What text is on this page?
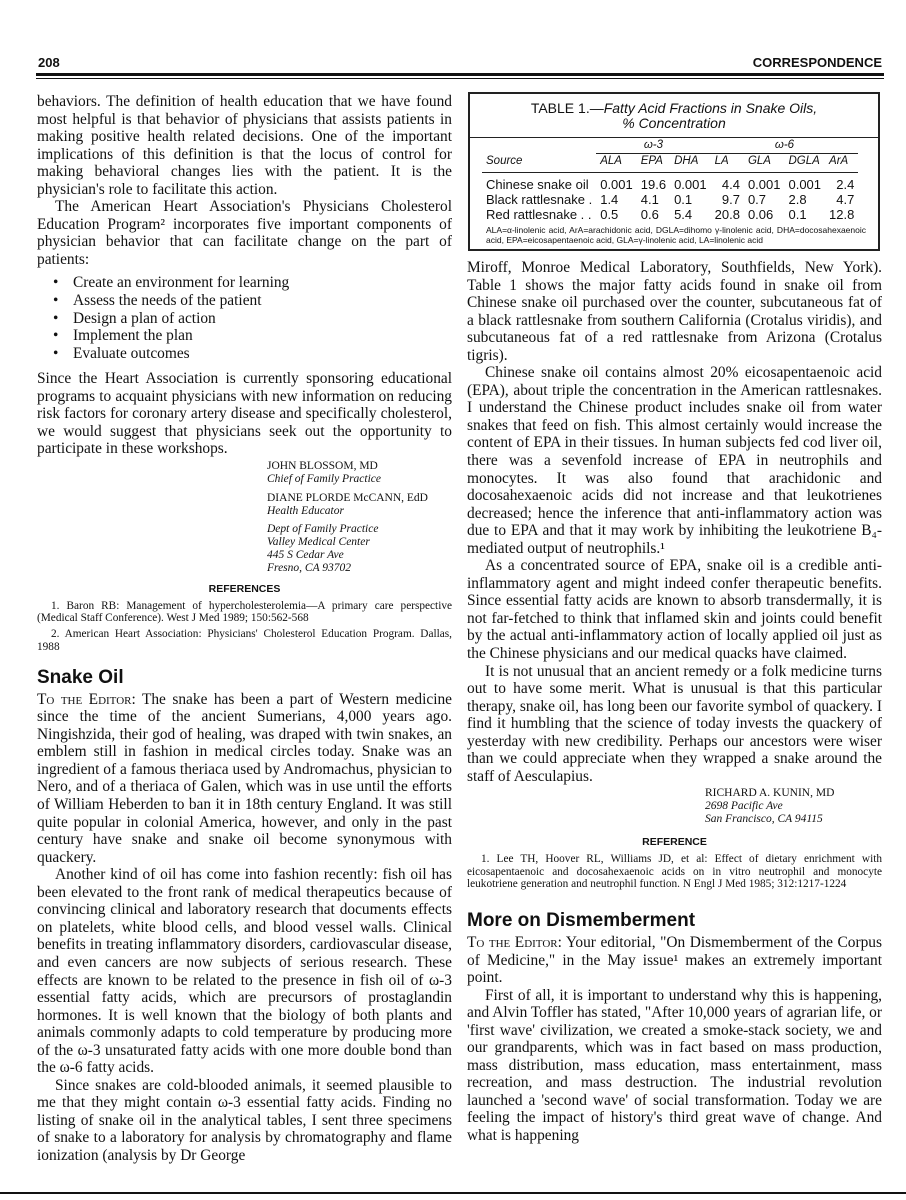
208	CORRESPONDENCE

behaviors. The definition of health education that we have found most helpful is that behavior of physicians that assists patients in making positive health related decisions. One of the important implications of this definition is that the locus of control for making behavioral changes lies with the patient. It is the physician's role to facilitate this action.

The American Heart Association's Physicians Cholesterol Education Program² incorporates five important components of physician behavior that can facilitate change on the part of patients:

• Create an environment for learning
• Assess the needs of the patient
• Design a plan of action
• Implement the plan
• Evaluate outcomes

Since the Heart Association is currently sponsoring educational programs to acquaint physicians with new information on reducing risk factors for coronary artery disease and specifically cholesterol, we would suggest that physicians seek out the opportunity to participate in these workshops.

JOHN BLOSSOM, MD
Chief of Family Practice
DIANE PLORDE McCANN, EdD
Health Educator
Dept of Family Practice
Valley Medical Center
445 S Cedar Ave
Fresno, CA 93702
REFERENCES

1. Baron RB: Management of hypercholesterolemia—A primary care perspective (Medical Staff Conference). West J Med 1989; 150:562-568

2. American Heart Association: Physicians' Cholesterol Education Program. Dallas, 1988

Snake Oil

To the Editor: The snake has been a part of Western medicine since the time of the ancient Sumerians, 4,000 years ago. Ningishzida, their god of healing, was draped with twin snakes, an emblem still in fashion in medical circles today. Snake was an ingredient of a famous theriaca used by Andromachus, physician to Nero, and of a theriaca of Galen, which was in use until the efforts of William Heberden to ban it in 18th century England. It was still quite popular in colonial America, however, and only in the past century have snake and snake oil become synonymous with quackery.

Another kind of oil has come into fashion recently: fish oil has been elevated to the front rank of medical therapeutics because of convincing clinical and laboratory research that documents effects on platelets, white blood cells, and blood vessel walls. Clinical benefits in treating inflammatory disorders, cardiovascular disease, and even cancers are now subjects of serious research. These effects are known to be related to the presence in fish oil of ω-3 essential fatty acids, which are precursors of prostaglandin hormones. It is well known that the biology of both plants and animals commonly adapts to cold temperature by producing more of the ω-3 unsaturated fatty acids with one more double bond than the ω-6 fatty acids.

Since snakes are cold-blooded animals, it seemed plausible to me that they might contain ω-3 essential fatty acids. Finding no listing of snake oil in the analytical tables, I sent three specimens of snake to a laboratory for analysis by chromatography and flame ionization (analysis by Dr George

TABLE 1.—Fatty Acid Fractions in Snake Oils,
% Concentration
	ω-3			ω-6			
Source	ALA	EPA	DHA	LA	GLA	DGLA	ArA
Chinese snake oil	0.001	19.6	0.001	4.4	0.001	0.001	2.4
Black rattlesnake .	1.4	4.1	0.1	9.7	0.7	2.8	4.7
Red rattlesnake . .	0.5	0.6	5.4	20.8	0.06	0.1	12.8
ALA=α-linolenic acid, ArA=arachidonic acid, DGLA=dihomo γ-linolenic acid, DHA=docosahexaenoic acid, EPA=eicosapentaenoic acid, GLA=γ-linolenic acid, LA=linolenic acid

Miroff, Monroe Medical Laboratory, Southfields, New York). Table 1 shows the major fatty acids found in snake oil from Chinese snake oil purchased over the counter, subcutaneous fat of a black rattlesnake from southern California (Crotalus viridis), and subcutaneous fat of a red rattlesnake from Arizona (Crotalus tigris).

Chinese snake oil contains almost 20% eicosapentaenoic acid (EPA), about triple the concentration in the American rattlesnakes. I understand the Chinese product includes snake oil from water snakes that feed on fish. This almost certainly would increase the content of EPA in their tissues. In human subjects fed cod liver oil, there was a sevenfold increase of EPA in neutrophils and monocytes. It was also found that arachidonic and docosahexaenoic acids did not increase and that leukotrienes decreased; hence the inference that anti-inflammatory action was due to EPA and that it may work by inhibiting the leukotriene B₄-mediated output of neutrophils.¹

As a concentrated source of EPA, snake oil is a credible anti-inflammatory agent and might indeed confer therapeutic benefits. Since essential fatty acids are known to absorb transdermally, it is not far-fetched to think that inflamed skin and joints could benefit by the actual anti-inflammatory action of locally applied oil just as the Chinese physicians and our medical quacks have claimed.

It is not unusual that an ancient remedy or a folk medicine turns out to have some merit. What is unusual is that this particular therapy, snake oil, has long been our favorite symbol of quackery. I find it humbling that the science of today invests the quackery of yesterday with new credibility. Perhaps our ancestors were wiser than we could appreciate when they wrapped a snake around the staff of Aesculapius.

RICHARD A. KUNIN, MD
2698 Pacific Ave
San Francisco, CA 94115
REFERENCE

1. Lee TH, Hoover RL, Williams JD, et al: Effect of dietary enrichment with eicosapentaenoic and docosahexaenoic acids on in vitro neutrophil and monocyte leukotriene generation and neutrophil function. N Engl J Med 1985; 312:1217-1224

More on Dismemberment

To the Editor: Your editorial, "On Dismemberment of the Corpus of Medicine," in the May issue¹ makes an extremely important point.

First of all, it is important to understand why this is happening, and Alvin Toffler has stated, "After 10,000 years of agrarian life, or 'first wave' civilization, we created a smoke-stack society, we and our grandparents, which was in fact based on mass production, mass distribution, mass education, mass entertainment, mass recreation, and mass destruction. The industrial revolution launched a 'second wave' of social transformation. Today we are feeling the impact of history's third great wave of change. And what is happening
